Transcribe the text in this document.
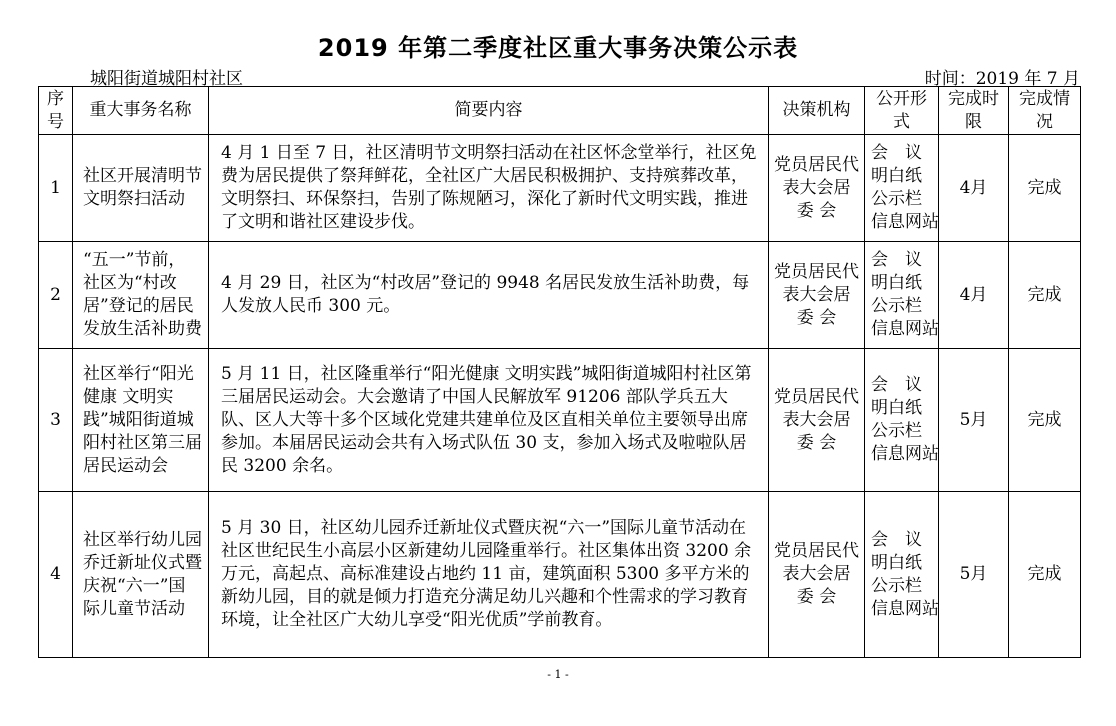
2019 年第二季度社区重大事务决策公示表
城阳街道城阳村社区	时间：2019 年 7 月
序号	重大事务名称	简要内容	决策机构	公开形式	完成时限	完成情况
1	社区开展清明节文明祭扫活动	4 月 1 日至 7 日，社区清明节文明祭扫活动在社区怀念堂举行，社区免费为居民提供了祭拜鲜花，全社区广大居民积极拥护、支持殡葬改革，文明祭扫、环保祭扫，告别了陈规陋习，深化了新时代文明实践，推进了文明和谐社区建设步伐。	党员居民代表大会居 委 会	会　议
明白纸
公示栏
信息网站	4月	完成
2	“五一”节前，社区为“村改居”登记的居民发放生活补助费	4 月 29 日，社区为“村改居”登记的 9948 名居民发放生活补助费，每人发放人民币 300 元。	党员居民代表大会居 委 会	会　议
明白纸
公示栏
信息网站	4月	完成
3	社区举行“阳光健康 文明实践”城阳街道城阳村社区第三届居民运动会	5 月 11 日，社区隆重举行“阳光健康 文明实践”城阳街道城阳村社区第三届居民运动会。大会邀请了中国人民解放军 91206 部队学兵五大队、区人大等十多个区域化党建共建单位及区直相关单位主要领导出席参加。本届居民运动会共有入场式队伍 30 支，参加入场式及啦啦队居民 3200 余名。	党员居民代表大会居 委 会	会　议
明白纸
公示栏
信息网站	5月	完成
4	社区举行幼儿园乔迁新址仪式暨庆祝“六一”国际儿童节活动	5 月 30 日，社区幼儿园乔迁新址仪式暨庆祝“六一”国际儿童节活动在社区世纪民生小高层小区新建幼儿园隆重举行。社区集体出资 3200 余万元，高起点、高标准建设占地约 11 亩，建筑面积 5300 多平方米的新幼儿园，目的就是倾力打造充分满足幼儿兴趣和个性需求的学习教育环境，让全社区广大幼儿享受“阳光优质”学前教育。	党员居民代表大会居 委 会	会　议
明白纸
公示栏
信息网站	5月	完成
- 1 -
